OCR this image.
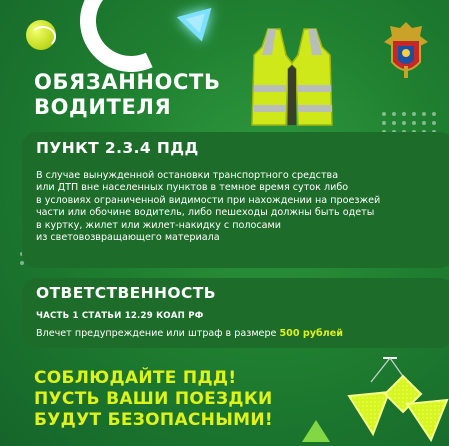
ОБЯЗАННОСТЬ
ВОДИТЕЛЯ
ПУНКТ 2.3.4 ПДД

В случае вынужденной остановки транспортного средства
или ДТП вне населенных пунктов в темное время суток либо
в условиях ограниченной видимости при нахождении на проезжей
части или обочине водитель, либо пешеходы должны быть одеты
в куртку, жилет или жилет-накидку с полосами
из световозвращающего материала

ОТВЕТСТВЕННОСТЬ
ЧАСТЬ 1 СТАТЬИ 12.29 КОАП РФ
Влечет предупреждение или штраф в размере 500 рублей

СОБЛЮДАЙТЕ ПДД!
ПУСТЬ ВАШИ ПОЕЗДКИ
БУДУТ БЕЗОПАСНЫМИ!
